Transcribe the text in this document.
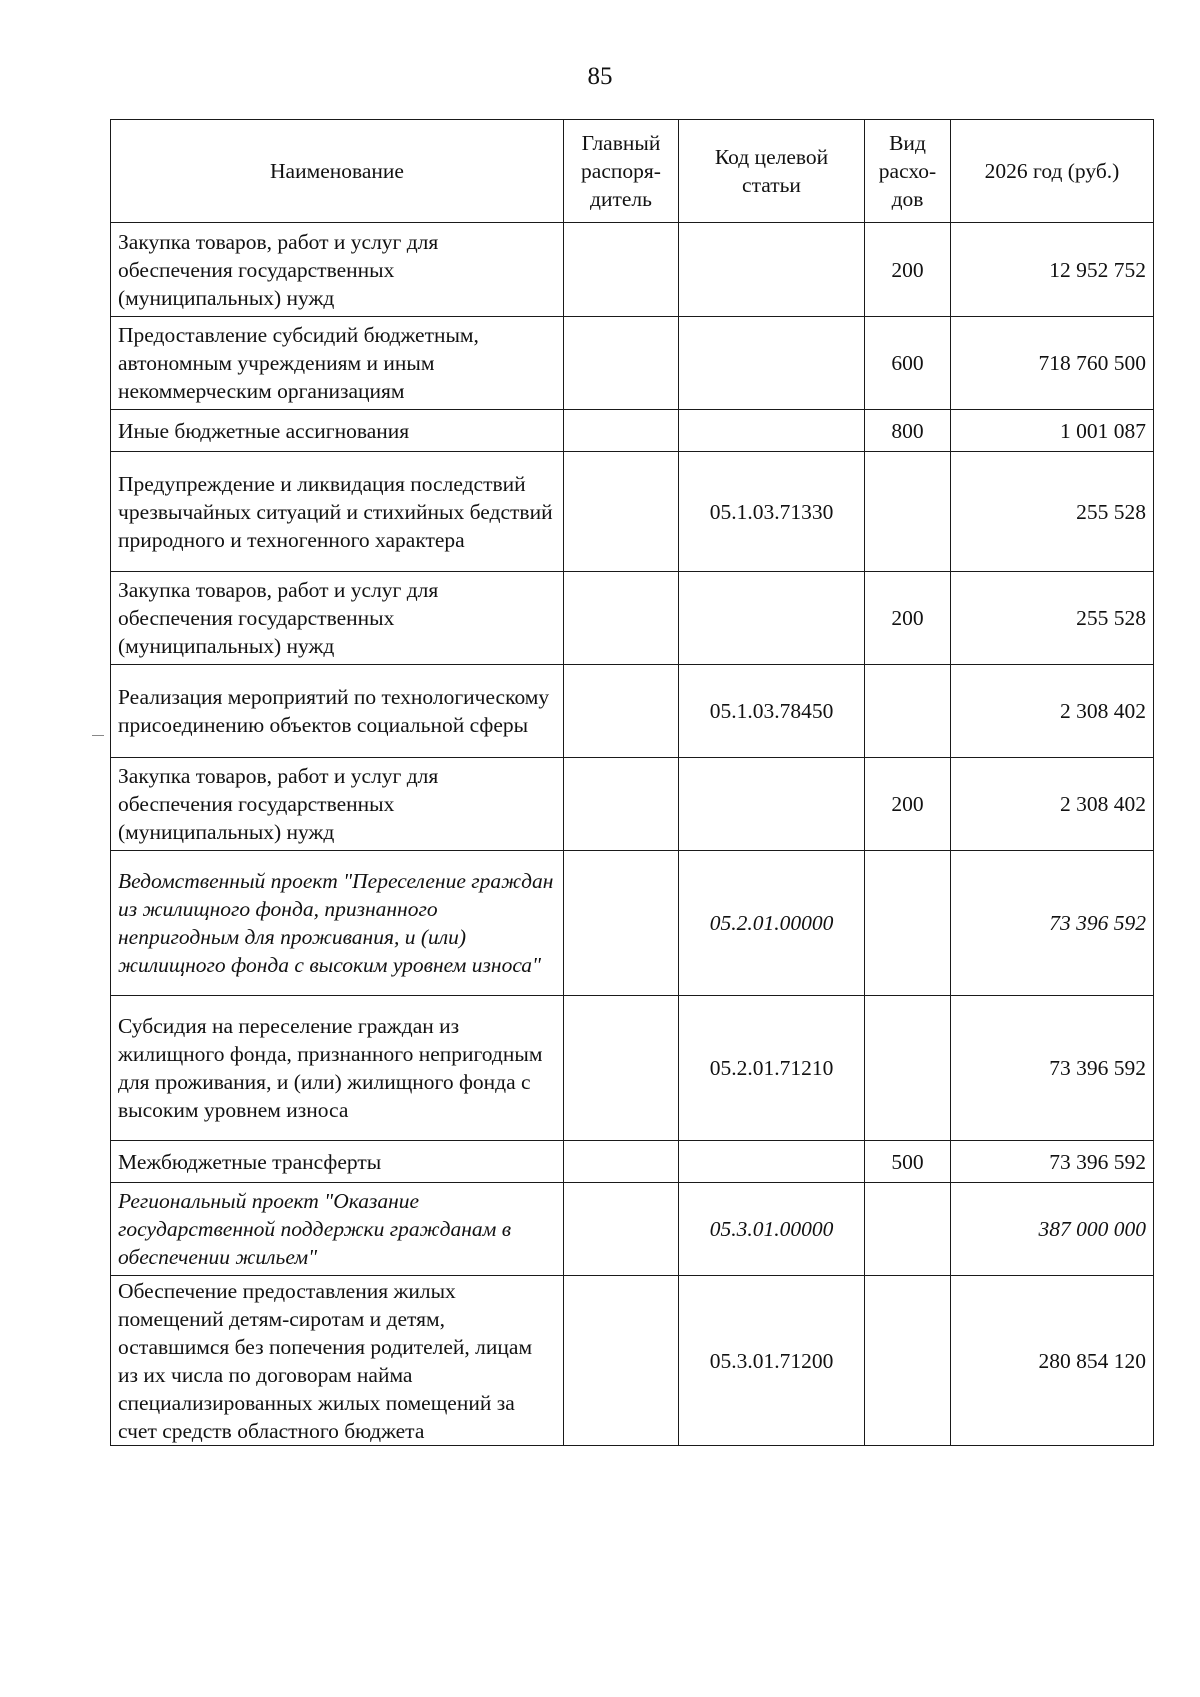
85
Наименование	Главный распоря-дитель	Код целевой статьи	Вид расхо-дов	2026 год (руб.)
Закупка товаров, работ и услуг для обеспечения государственных (муниципальных) нужд			200	12 952 752
Предоставление субсидий бюджетным, автономным учреждениям и иным некоммерческим организациям			600	718 760 500
Иные бюджетные ассигнования			800	1 001 087
Предупреждение и ликвидация последствий чрезвычайных ситуаций и стихийных бедствий природного и техногенного характера		05.1.03.71330		255 528
Закупка товаров, работ и услуг для обеспечения государственных (муниципальных) нужд			200	255 528
Реализация мероприятий по технологическому присоединению объектов социальной сферы		05.1.03.78450		2 308 402
Закупка товаров, работ и услуг для обеспечения государственных (муниципальных) нужд			200	2 308 402
Ведомственный проект "Переселение граждан из жилищного фонда, признанного непригодным для проживания, и (или) жилищного фонда с высоким уровнем износа"		05.2.01.00000		73 396 592
Субсидия на переселение граждан из жилищного фонда, признанного непригодным для проживания, и (или) жилищного фонда с высоким уровнем износа		05.2.01.71210		73 396 592
Межбюджетные трансферты			500	73 396 592
Региональный проект "Оказание государственной поддержки гражданам в обеспечении жильем"		05.3.01.00000		387 000 000
Обеспечение предоставления жилых помещений детям-сиротам и детям, оставшимся без попечения родителей, лицам из их числа по договорам найма специализированных жилых помещений за счет средств областного бюджета		05.3.01.71200		280 854 120
